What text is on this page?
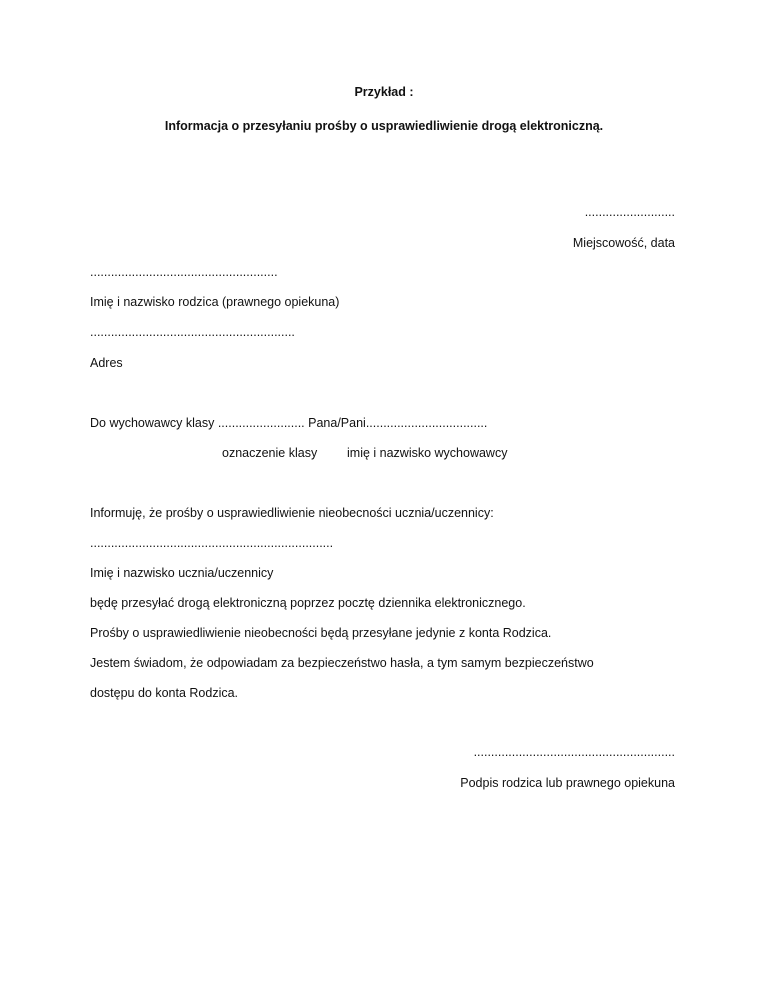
Przykład :
Informacja o przesyłaniu prośby o usprawiedliwienie drogą elektroniczną.
..........................
Miejscowość, data
......................................................
Imię i nazwisko rodzica (prawnego opiekuna)
...........................................................
Adres
Do wychowawcy klasy ......................... Pana/Pani...................................
oznaczenie klasy imię i nazwisko wychowawcy
Informuję, że prośby o usprawiedliwienie nieobecności ucznia/uczennicy:
......................................................................
Imię i nazwisko ucznia/uczennicy
będę przesyłać drogą elektroniczną poprzez pocztę dziennika elektronicznego.
Prośby o usprawiedliwienie nieobecności będą przesyłane jedynie z konta Rodzica.
Jestem świadom, że odpowiadam za bezpieczeństwo hasła, a tym samym bezpieczeństwo
dostępu do konta Rodzica.
..........................................................
Podpis rodzica lub prawnego opiekuna
